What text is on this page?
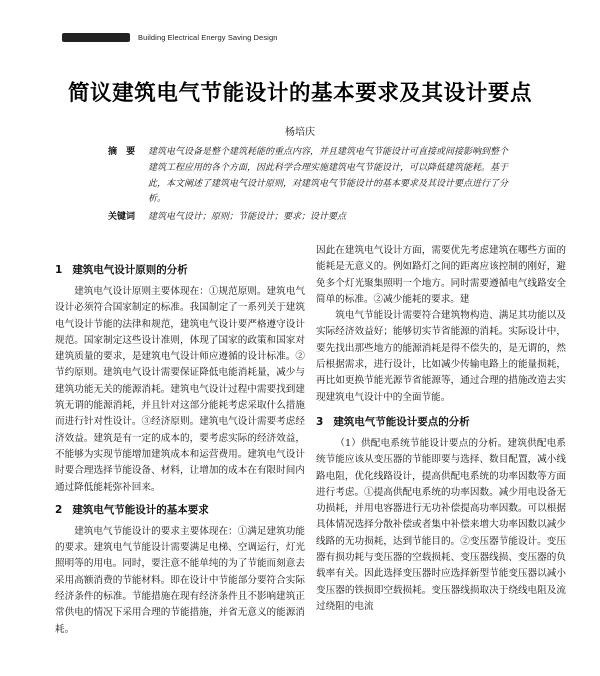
Building Electrical Energy Saving Design
简议建筑电气节能设计的基本要求及其设计要点
杨培庆
摘 要	建筑电气设备是整个建筑耗能的重点内容，并且建筑电气节能设计可直接或间接影响到整个建筑工程应用的各个方面，因此科学合理实施建筑电气节能设计，可以降低建筑能耗。基于此，本文阐述了建筑电气设计原则，对建筑电气节能设计的基本要求及其设计要点进行了分析。
关键词	建筑电气设计；原则；节能设计；要求；设计要点
1 建筑电气设计原则的分析

建筑电气设计原则主要体现在：①规范原则。建筑电气设计必须符合国家制定的标准。我国制定了一系列关于建筑电气设计节能的法律和规范，建筑电气设计要严格遵守设计规范。国家制定这些设计准则，体现了国家的政策和国家对建筑质量的要求，是建筑电气设计师应遵循的设计标准。②节约原则。建筑电气设计需要保证降低电能消耗量，减少与建筑功能无关的能源消耗。建筑电气设计过程中需要找到建筑无谓的能源消耗，并且针对这部分能耗考虑采取什么措施而进行针对性设计。③经济原则。建筑电气设计需要考虑经济效益。建筑是有一定的成本的，要考虑实际的经济效益，不能够为实现节能增加建筑成本和运营费用。建筑电气设计时要合理选择节能设备、材料，让增加的成本在有限时间内通过降低能耗弥补回来。

2 建筑电气节能设计的基本要求

建筑电气节能设计的要求主要体现在：①满足建筑功能的要求。建筑电气节能设计需要满足电梯、空调运行，灯光照明等的用电。同时，要注意不能单纯的为了节能而刻意去采用高额消费的节能材料。即在设计中节能部分要符合实际经济条件的标准。节能措施在现有经济条件且不影响建筑正常供电的情况下采用合理的节能措施，并省无意义的能源消耗。

因此在建筑电气设计方面，需要优先考虑建筑在哪些方面的能耗是无意义的。例如路灯之间的距离应该控制的刚好，避免多个灯光聚集照明一个地方。同时需要遵循电气线路安全简单的标准。②减少能耗的要求。建

筑电气节能设计需要符合建筑物构造、满足其功能以及实际经济效益好；能够切实节省能源的消耗。实际设计中，要先找出那些地方的能源消耗是得不偿失的，是无谓的，然后根据需求，进行设计，比如减少传输电路上的能量损耗，再比如更换节能光源节省能源等，通过合理的措施改造去实现建筑电气设计中的全面节能。

3 建筑电气节能设计要点的分析

（1）供配电系统节能设计要点的分析。建筑供配电系统节能应该从变压器的节能即要与选择、数目配置，减小线路电阻，优化线路设计，提高供配电系统的功率因数等方面进行考虑。①提高供配电系统的功率因数。减少用电设备无功损耗，并用电容器进行无功补偿提高功率因数。可以根据具体情况选择分散补偿或者集中补偿来增大功率因数以减少线路的无功损耗，达到节能目的。②变压器节能设计。变压器有损功耗与变压器的空载损耗、变压器线损、变压器的负载率有关。因此选择变压器时应选择新型节能变压器以减小变压器的铁损即空载损耗。变压器线损取决于绕线电阻及流过绕阻的电流
